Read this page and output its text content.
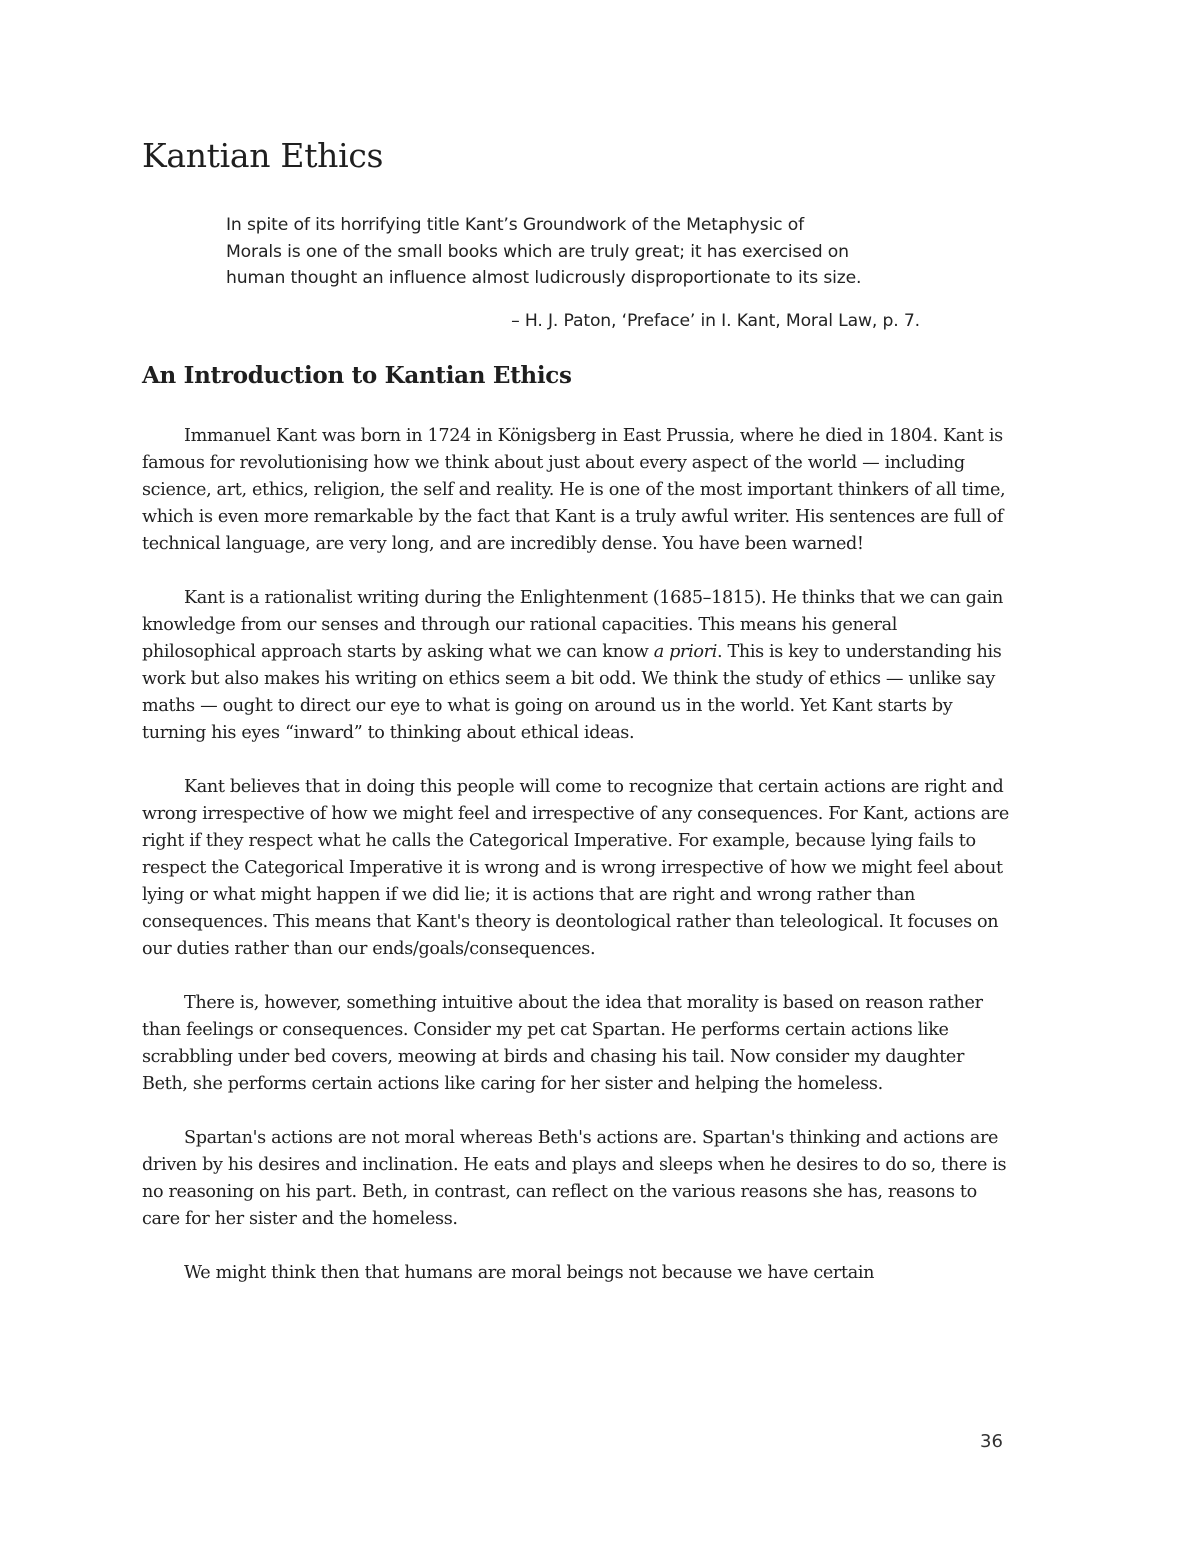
Kantian Ethics

In spite of its horrifying title Kant’s Groundwork of the Metaphysic of

Morals is one of the small books which are truly great; it has exercised on

human thought an influence almost ludicrously disproportionate to its size.

– H. J. Paton, ‘Preface’ in I. Kant, Moral Law, p. 7.
An Introduction to Kantian Ethics

Immanuel Kant was born in 1724 in Königsberg in East Prussia, where he died in 1804. Kant is famous for revolutionising how we think about just about every aspect of the world — including science, art, ethics, religion, the self and reality. He is one of the most important thinkers of all time, which is even more remarkable by the fact that Kant is a truly awful writer. His sentences are full of technical language, are very long, and are incredibly dense. You have been warned!

Kant is a rationalist writing during the Enlightenment (1685–1815). He thinks that we can gain knowledge from our senses and through our rational capacities. This means his general philosophical approach starts by asking what we can know a priori. This is key to understanding his work but also makes his writing on ethics seem a bit odd. We think the study of ethics — unlike say maths — ought to direct our eye to what is going on around us in the world. Yet Kant starts by turning his eyes “inward” to thinking about ethical ideas.

Kant believes that in doing this people will come to recognize that certain actions are right and wrong irrespective of how we might feel and irrespective of any consequences. For Kant, actions are right if they respect what he calls the Categorical Imperative. For example, because lying fails to respect the Categorical Imperative it is wrong and is wrong irrespective of how we might feel about lying or what might happen if we did lie; it is actions that are right and wrong rather than consequences. This means that Kant's theory is deontological rather than teleological. It focuses on our duties rather than our ends/goals/consequences.

There is, however, something intuitive about the idea that morality is based on reason rather than feelings or consequences. Consider my pet cat Spartan. He performs certain actions like scrabbling under bed covers, meowing at birds and chasing his tail. Now consider my daughter Beth, she performs certain actions like caring for her sister and helping the homeless.

Spartan's actions are not moral whereas Beth's actions are. Spartan's thinking and actions are driven by his desires and inclination. He eats and plays and sleeps when he desires to do so, there is no reasoning on his part. Beth, in contrast, can reflect on the various reasons she has, reasons to care for her sister and the homeless.

We might think then that humans are moral beings not because we have certain

36
